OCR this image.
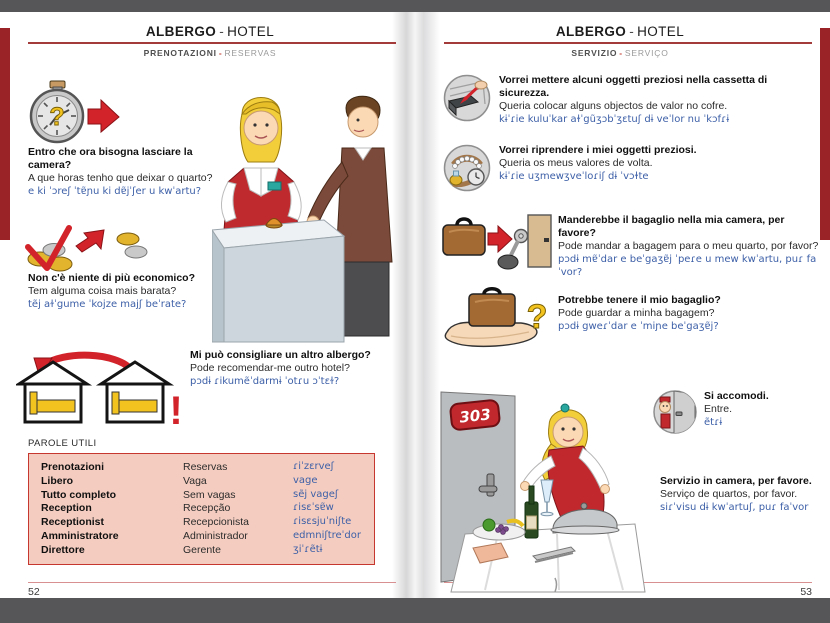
ALBERGO - HOTEL
PRENOTAZIONI - RESERVAS
?
Entro che ora bisogna lasciare la camera?
A que horas tenho que deixar o quarto?
e ki ˈɔreʃ ˈtɐ̃ɲu ki dɐ̃jˈʃer u kwˈartu?
Non c'è niente di più economico?
Tem alguma coisa mais barata?
tẽj aɫˈgume ˈkojze majʃ beˈrate?
!
Mi può consigliare un altro albergo?
Pode recomendar-me outro hotel?
pɔdɨ ɾikumẽˈdarmɨ ˈotɾu ɔˈtɛɫ?
PAROLE UTILI
Prenotazioni	Reservas	ɾiˈzɛrveʃ
Libero	Vaga	vage
Tutto completo	Sem vagas	sẽj vageʃ
Reception	Recepção	ɾisɛˈsɐ̃w
Receptionist	Recepcionista	ɾisɛsjuˈniʃte
Amministratore	Administrador	edmniʃtreˈdor
Direttore	Gerente	ʒiˈɾẽtɨ
52
ALBERGO - HOTEL
SERVIZIO - SERVIÇO
Vorrei mettere alcuni oggetti preziosi nella cassetta di sicurezza.
Queria colocar alguns objectos de valor no cofre.
kɨˈɾie kuluˈkar aɫˈgũʒɔbˈʒɛtuʃ dɨ veˈlor nu ˈkɔfɾɨ
Vorrei riprendere i miei oggetti preziosi.
Queria os meus valores de volta.
kɨˈɾie uʒmewʒveˈloɾiʃ dɨ ˈvɔɫte
Manderebbe il bagaglio nella mia camera, per favore?
Pode mandar a bagagem para o meu quarto, por favor?
pɔdɨ mɐ̃ˈdar e beˈgaʒɐ̃j ˈpeɾe u mew kwˈartu, puɾ faˈvor?
? Potrebbe tenere il mio bagaglio?
Pode guardar a minha bagagem?
pɔdɨ gweɾˈdar e ˈmiɲe beˈgaʒɐ̃j?
Si accomodi.
Entre.
ẽtɾɨ
Servizio in camera, per favore.
Serviço de quartos, por favor.
siɾˈvisu dɨ kwˈartuʃ, puɾ faˈvor
303
53
